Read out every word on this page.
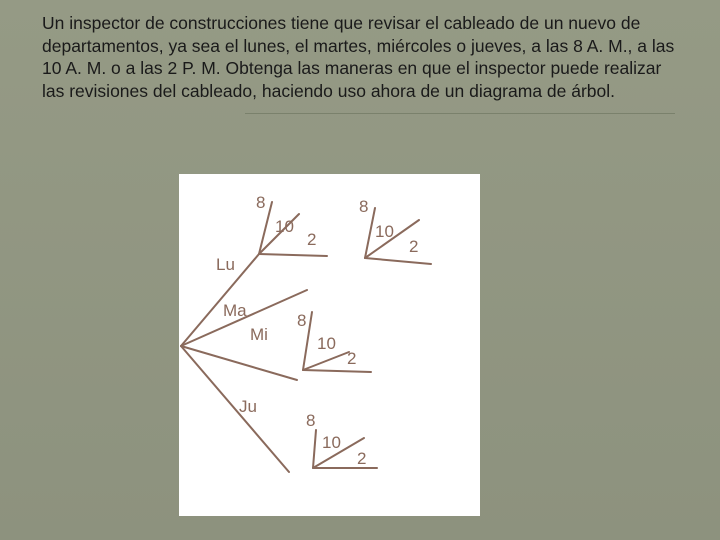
Un inspector de construcciones tiene que revisar el cableado de un nuevo de departamentos, ya sea el lunes, el martes, miércoles o jueves, a las 8 A. M., a las 10 A. M. o a las 2 P. M. Obtenga las maneras en que el inspector puede realizar las revisiones del cableado, haciendo uso ahora de un diagrama de árbol.

Lu
Ma
Mi
Ju
8
10
2
8
10
2
8
10
2
8
10
2
